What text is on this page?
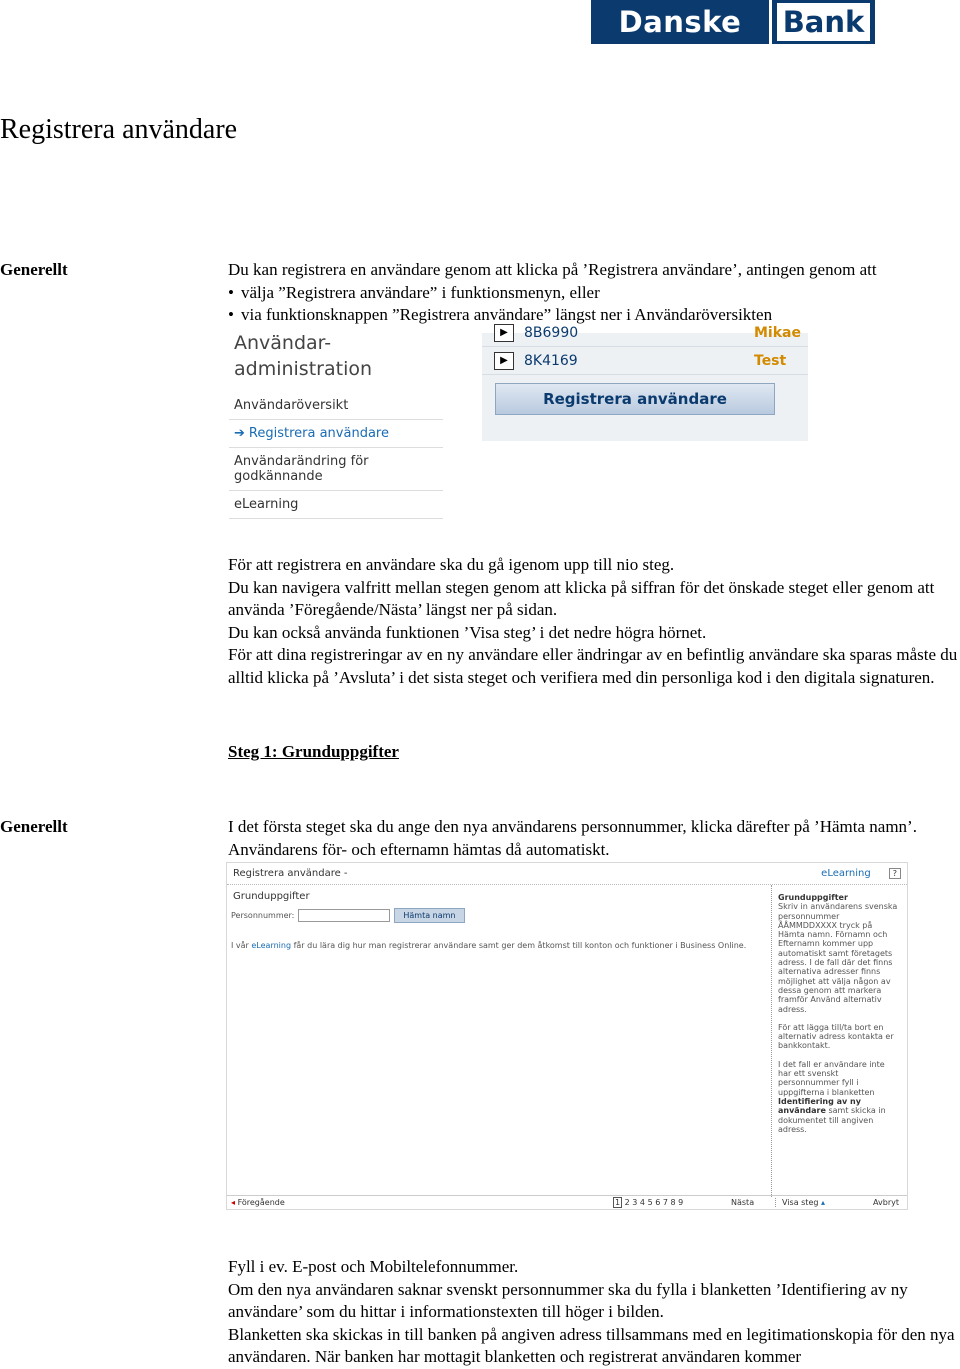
Danske	Bank
Registrera användare
Generellt	Du kan registrera en användare genom att klicka på ’Registrera användare’, antingen genom att

• välja ”Registrera användare” i funktionsmenyn, eller
• via funktionsknappen ”Registrera användare” längst ner i Användaröversikten
Användar-
administration
Användaröversikt
➔ Registrera användare
Användarändring för godkännande
eLearning
▶	8B6990	Mikae
▶	8K4169	Test
Registrera användare

För att registrera en användare ska du gå igenom upp till nio steg.

Du kan navigera valfritt mellan stegen genom att klicka på siffran för det önskade steget eller genom att använda ’Föregående/Nästa’ längst ner på sidan.

Du kan också använda funktionen ’Visa steg’ i det nedre högra hörnet.

För att dina registreringar av en ny användare eller ändringar av en befintlig användare ska sparas måste du alltid klicka på ’Avsluta’ i det sista steget och verifiera med din personliga kod i den digitala signaturen.

Steg 1: Grunduppgifter
Generellt	I det första steget ska du ange den nya användarens personnummer, klicka därefter på ’Hämta namn’. Användarens för- och efternamn hämtas då automatiskt.
Registrera användare -	eLearning	?
Grunduppgifter
Personnummer:	Hämta namn
I vår eLearning får du lära dig hur man registrerar användare samt ger dem åtkomst till konton och funktioner i Business Online.
Grunduppgifter
Skriv in användarens svenska personnummer ÅÅMMDDXXXX tryck på Hämta namn. Förnamn och Efternamn kommer upp automatiskt samt företagets adress. I de fall där det finns alternativa adresser finns möjlighet att välja någon av dessa genom att markera framför Använd alternativ adress.
För att lägga till/ta bort en alternativ adress kontakta er bankkontakt.
I det fall er användare inte har ett svenskt personnummer fyll i uppgifterna i blanketten Identifiering av ny användare samt skicka in dokumentet till angiven adress.
◂ Föregående	1 2 3 4 5 6 7 8 9	Nästa	Visa steg ▴	Avbryt

Fyll i ev. E-post och Mobiltelefonnummer.

Om den nya användaren saknar svenskt personnummer ska du fylla i blanketten ’Identifiering av ny användare’ som du hittar i informationstexten till höger i bilden.

Blanketten ska skickas in till banken på angiven adress tillsammans med en legitimationskopia för den nya användaren. När banken har mottagit blanketten och registrerat användaren kommer
